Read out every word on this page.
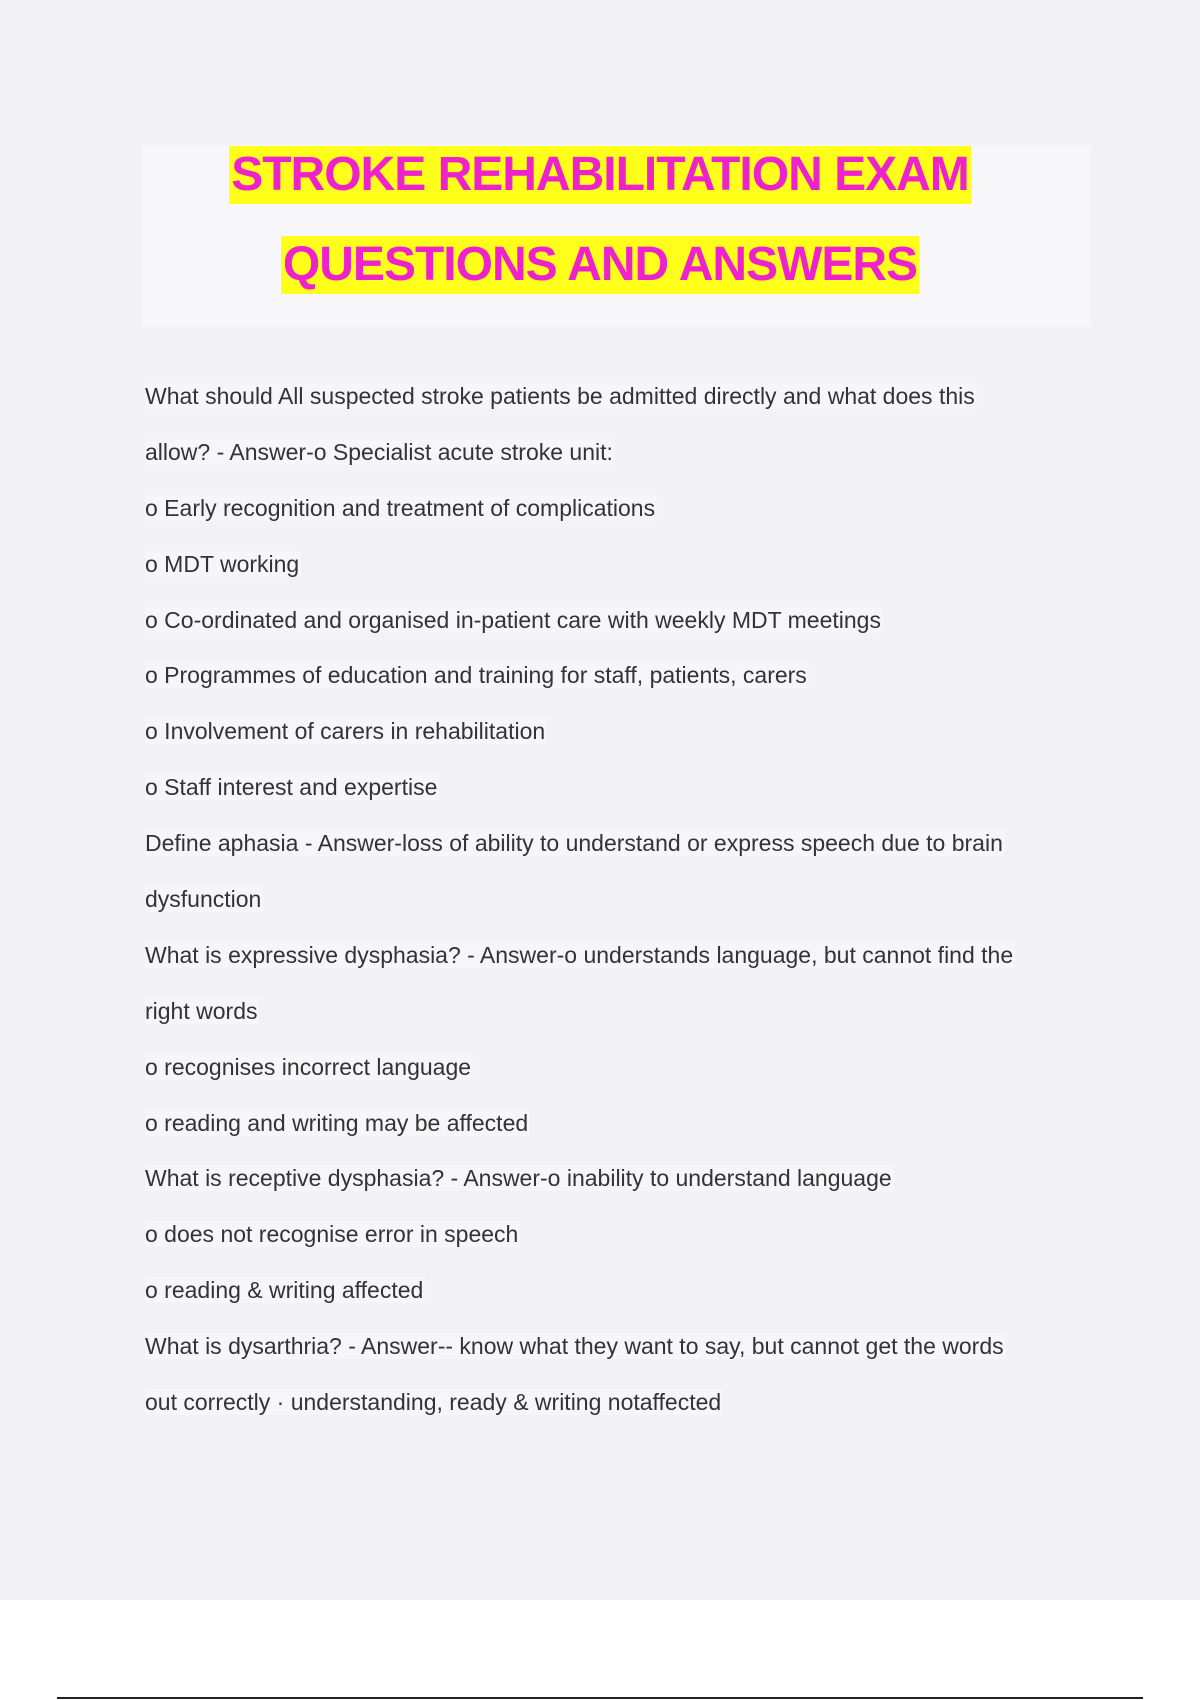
STROKE REHABILITATION EXAM
QUESTIONS AND ANSWERS
What should All suspected stroke patients be admitted directly and what does this
allow? - Answer-o Specialist acute stroke unit:
o Early recognition and treatment of complications
o MDT working
o Co-ordinated and organised in-patient care with weekly MDT meetings
o Programmes of education and training for staff, patients, carers
o Involvement of carers in rehabilitation
o Staff interest and expertise
Define aphasia - Answer-loss of ability to understand or express speech due to brain
dysfunction
What is expressive dysphasia? - Answer-o understands language, but cannot find the
right words
o recognises incorrect language
o reading and writing may be affected
What is receptive dysphasia? - Answer-o inability to understand language
o does not recognise error in speech
o reading & writing affected
What is dysarthria? - Answer-- know what they want to say, but cannot get the words
out correctly · understanding, ready & writing notaffected
